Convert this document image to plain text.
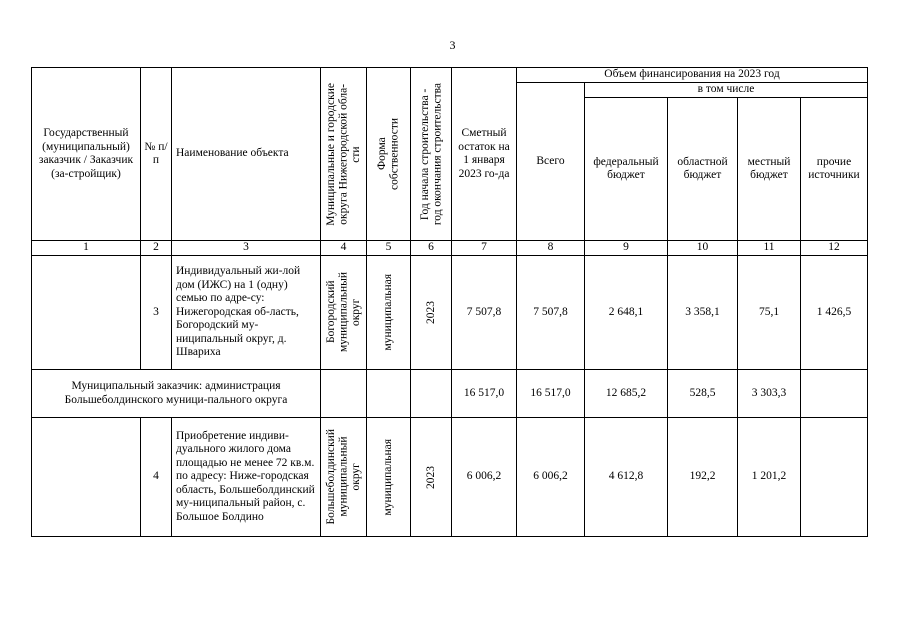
3
Государственный (муниципальный) заказчик / Заказчик (за-стройщик)	№ п/п	Наименование объекта	Муниципальные и городские
округа Нижегородской обла-
сти	Форма
собственности	Год начала строительства -
год окончания строительства	Сметный остаток на 1 января 2023 го-да	Объем финансирования на 2023 год				
							Всего	в том числе			
								федеральный бюджет	областной бюджет	местный бюджет	прочие источники
1	2	3	4	5	6	7	8	9	10	11	12
	3	Индивидуальный жи-лой дом (ИЖС) на 1 (одну) семью по адре-су: Нижегородская об-ласть, Богородский му-ниципальный округ, д. Швариха	Богородский
муниципальный
округ	муниципальная	2023	7 507,8	7 507,8	2 648,1	3 358,1	75,1	1 426,5
Муниципальный заказчик: администрация Большеболдинского муници-пального округа						16 517,0	16 517,0	12 685,2	528,5	3 303,3	
	4	Приобретение индиви-дуального жилого дома площадью не менее 72 кв.м. по адресу: Ниже-городская область, Большеболдинский му-ниципальный район, с. Большое Болдино	Большеболдинский
муниципальный
округ	муниципальная	2023	6 006,2	6 006,2	4 612,8	192,2	1 201,2	
